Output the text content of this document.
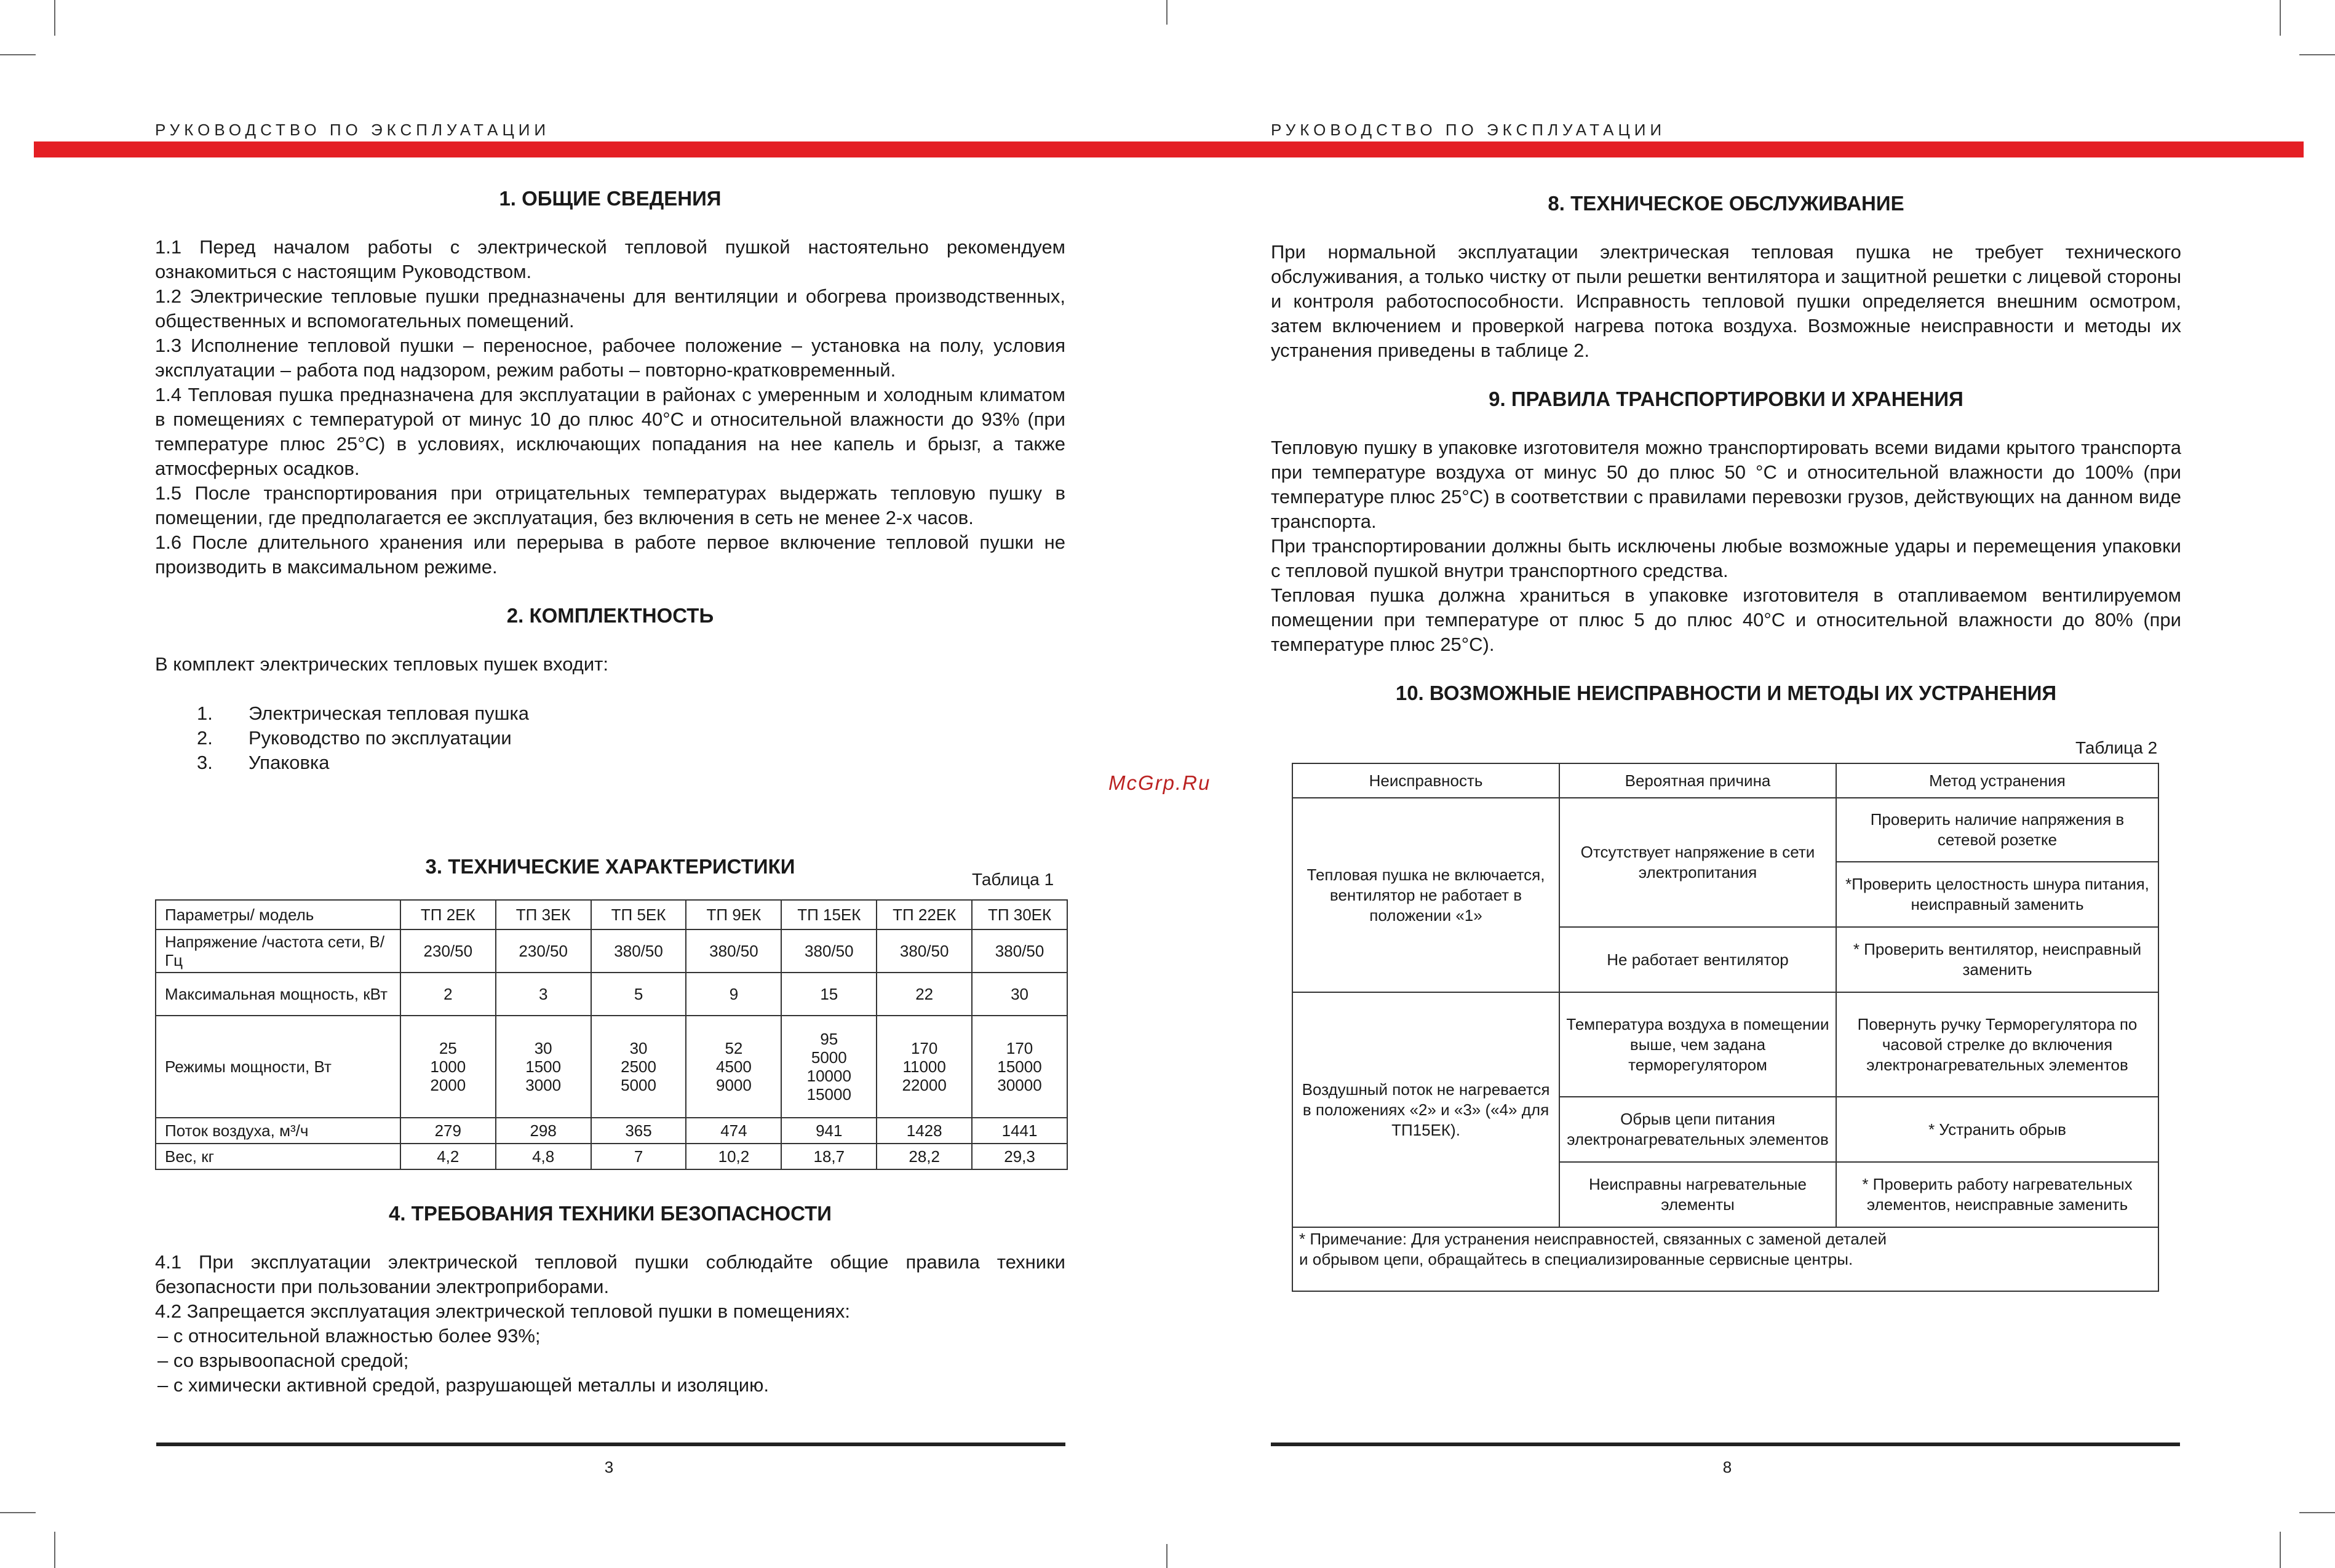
РУКОВОДСТВО ПО ЭКСПЛУАТАЦИИ	РУКОВОДСТВО ПО ЭКСПЛУАТАЦИИ
McGrp.Ru
1. ОБЩИЕ СВЕДЕНИЯ

1.1 Перед началом работы с электрической тепловой пушкой настоятельно рекомендуем ознакомиться с настоящим Руководством.

1.2 Электрические тепловые пушки предназначены для вентиляции и обогрева производственных, общественных и вспомогательных помещений.

1.3 Исполнение тепловой пушки – переносное, рабочее положение – установка на полу, условия эксплуатации – работа под надзором, режим работы – повторно-кратковременный.

1.4 Тепловая пушка предназначена для эксплуатации в районах с умеренным и холодным климатом в помещениях с температурой от минус 10 до плюс 40°С и относительной влажности до 93% (при температуре плюс 25°С) в условиях, исключающих попадания на нее капель и брызг, а также атмосферных осадков.

1.5 После транспортирования при отрицательных температурах выдержать тепловую пушку в помещении, где предполагается ее эксплуатация, без включения в сеть не менее 2-х часов.

1.6 После длительного хранения или перерыва в работе первое включение тепловой пушки не производить в максимальном режиме.

2. КОМПЛЕКТНОСТЬ

В комплект электрических тепловых пушек входит:

1.	Электрическая тепловая пушка
2.	Руководство по эксплуатации
3.	Упаковка
3. ТЕХНИЧЕСКИЕ ХАРАКТЕРИСТИКИ
Таблица 1
Параметры/ модель	ТП 2ЕК	ТП 3ЕК	ТП 5ЕК	ТП 9ЕК	ТП 15ЕК	ТП 22ЕК	ТП 30ЕК
Напряжение /частота сети, В/Гц	230/50	230/50	380/50	380/50	380/50	380/50	380/50
Максимальная мощность, кВт	2	3	5	9	15	22	30
Режимы мощности, Вт	25 1000 2000	30 1500 3000	30 2500 5000	52 4500 9000	95 5000 10000 15000	170 11000 22000	170 15000 30000
Поток воздуха, м³/ч	279	298	365	474	941	1428	1441
Вес, кг	4,2	4,8	7	10,2	18,7	28,2	29,3
4. ТРЕБОВАНИЯ ТЕХНИКИ БЕЗОПАСНОСТИ

4.1 При эксплуатации электрической тепловой пушки соблюдайте общие правила техники безопасности при пользовании электроприборами.

4.2 Запрещается эксплуатация электрической тепловой пушки в помещениях:

– с относительной влажностью более 93%;

– со взрывоопасной средой;

– с химически активной средой, разрушающей металлы и изоляцию.

3
8. ТЕХНИЧЕСКОЕ ОБСЛУЖИВАНИЕ

При нормальной эксплуатации электрическая тепловая пушка не требует технического обслуживания, а только чистку от пыли решетки вентилятора и защитной решетки с лицевой стороны и контроля работоспособности. Исправность тепловой пушки определяется внешним осмотром, затем включением и проверкой нагрева потока воздуха. Возможные неисправности и методы их устранения приведены в таблице 2.

9. ПРАВИЛА ТРАНСПОРТИРОВКИ И ХРАНЕНИЯ

Тепловую пушку в упаковке изготовителя можно транспортировать всеми видами крытого транспорта при температуре воздуха от минус 50 до плюс 50 °С и относительной влажности до 100% (при температуре плюс 25°С) в соответствии с правилами перевозки грузов, действующих на данном виде транспорта.

При транспортировании должны быть исключены любые возможные удары и перемещения упаковки с тепловой пушкой внутри транспортного средства.

Тепловая пушка должна храниться в упаковке изготовителя в отапливаемом вентилируемом помещении при температуре от плюс 5 до плюс 40°С и относительной влажности до 80% (при температуре плюс 25°С).

10. ВОЗМОЖНЫЕ НЕИСПРАВНОСТИ И МЕТОДЫ ИХ УСТРАНЕНИЯ
Таблица 2
Неисправность	Вероятная причина	Метод устранения
Тепловая пушка не включается, вентилятор не работает в положении «1»	Отсутствует напряжение в сети электропитания	Проверить наличие напряжения в сетевой розетке
		*Проверить целостность шнура питания, неисправный заменить
	Не работает вентилятор	* Проверить вентилятор, неисправный заменить
Воздушный поток не нагревается в положениях «2» и «3» («4» для ТП15ЕК).	Температура воздуха в помещении выше, чем задана терморегулятором	Повернуть ручку Терморегулятора по часовой стрелке до включения электронагревательных элементов
	Обрыв цепи питания электронагревательных элементов	* Устранить обрыв
	Неисправны нагревательные элементы	* Проверить работу нагревательных элементов, неисправные заменить

* Примечание: Для устранения неисправностей, связанных с заменой деталей
и обрывом цепи, обращайтесь в специализированные сервисные центры.		
8
